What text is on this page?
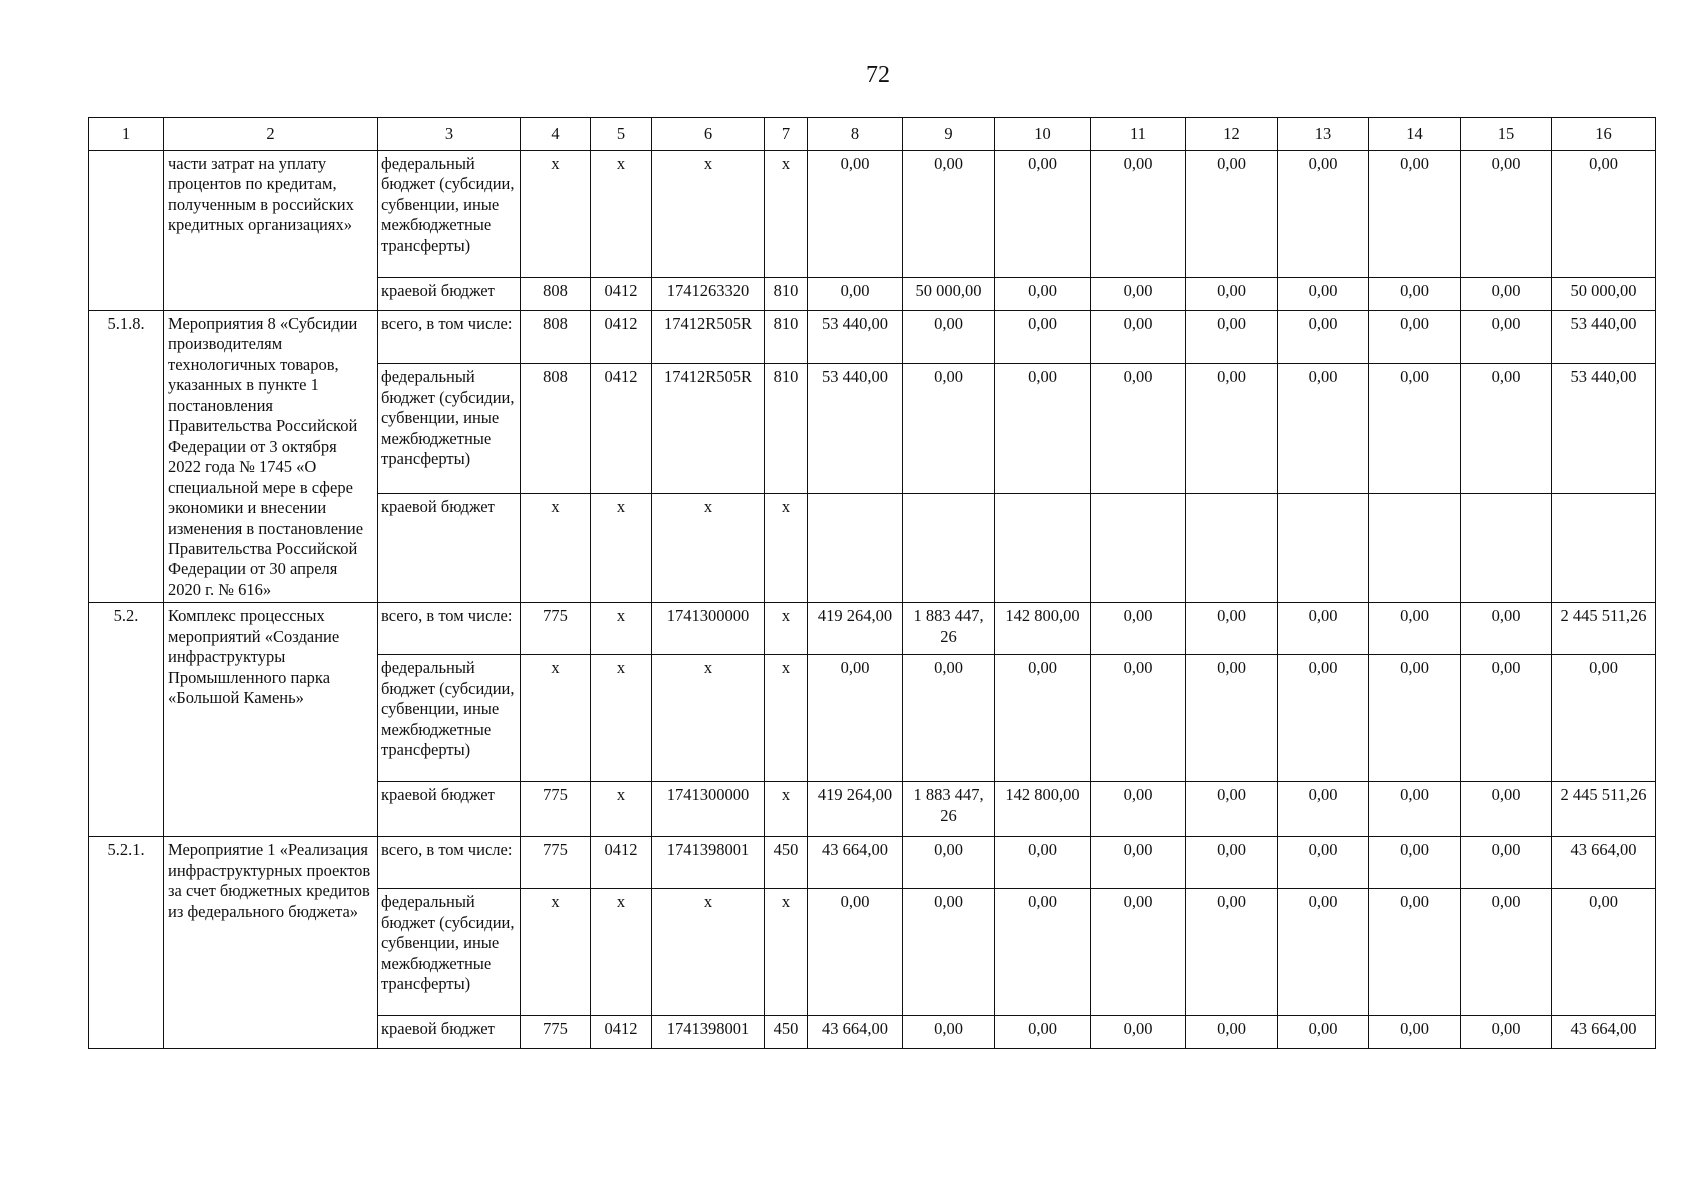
72
1	2	3	4	5	6	7	8	9	10	11	12	13	14	15	16
	части затрат на уплату процентов по кредитам, полученным в российских кредитных организациях»	федеральный бюджет (субсидии, субвенции, иные межбюджетные трансферты)	x	x	x	x	0,00	0,00	0,00	0,00	0,00	0,00	0,00	0,00	0,00
		краевой бюджет	808	0412	1741263320	810	0,00	50 000,00	0,00	0,00	0,00	0,00	0,00	0,00	50 000,00
5.1.8.	Мероприятия 8 «Субсидии производителям технологичных товаров, указанных в пункте 1 постановления Правительства Российской Федерации от 3 октября 2022 года № 1745 «О специальной мере в сфере экономики и внесении изменения в постановление Правительства Российской Федерации от 30 апреля 2020 г. № 616»	всего, в том числе:	808	0412	17412R505R	810	53 440,00	0,00	0,00	0,00	0,00	0,00	0,00	0,00	53 440,00
		федеральный бюджет (субсидии, субвенции, иные межбюджетные трансферты)	808	0412	17412R505R	810	53 440,00	0,00	0,00	0,00	0,00	0,00	0,00	0,00	53 440,00
		краевой бюджет	x	x	x	x									
5.2.	Комплекс процессных мероприятий «Создание инфраструктуры Промышленного парка «Большой Камень»	всего, в том числе:	775	x	1741300000	x	419 264,00	1 883 447, 26	142 800,00	0,00	0,00	0,00	0,00	0,00	2 445 511,26
		федеральный бюджет (субсидии, субвенции, иные межбюджетные трансферты)	x	x	x	x	0,00	0,00	0,00	0,00	0,00	0,00	0,00	0,00	0,00
		краевой бюджет	775	x	1741300000	x	419 264,00	1 883 447, 26	142 800,00	0,00	0,00	0,00	0,00	0,00	2 445 511,26
5.2.1.	Мероприятие 1 «Реализация инфраструктурных проектов за счет бюджетных кредитов из федерального бюджета»	всего, в том числе:	775	0412	1741398001	450	43 664,00	0,00	0,00	0,00	0,00	0,00	0,00	0,00	43 664,00
		федеральный бюджет (субсидии, субвенции, иные межбюджетные трансферты)	x	x	x	x	0,00	0,00	0,00	0,00	0,00	0,00	0,00	0,00	0,00
		краевой бюджет	775	0412	1741398001	450	43 664,00	0,00	0,00	0,00	0,00	0,00	0,00	0,00	43 664,00
